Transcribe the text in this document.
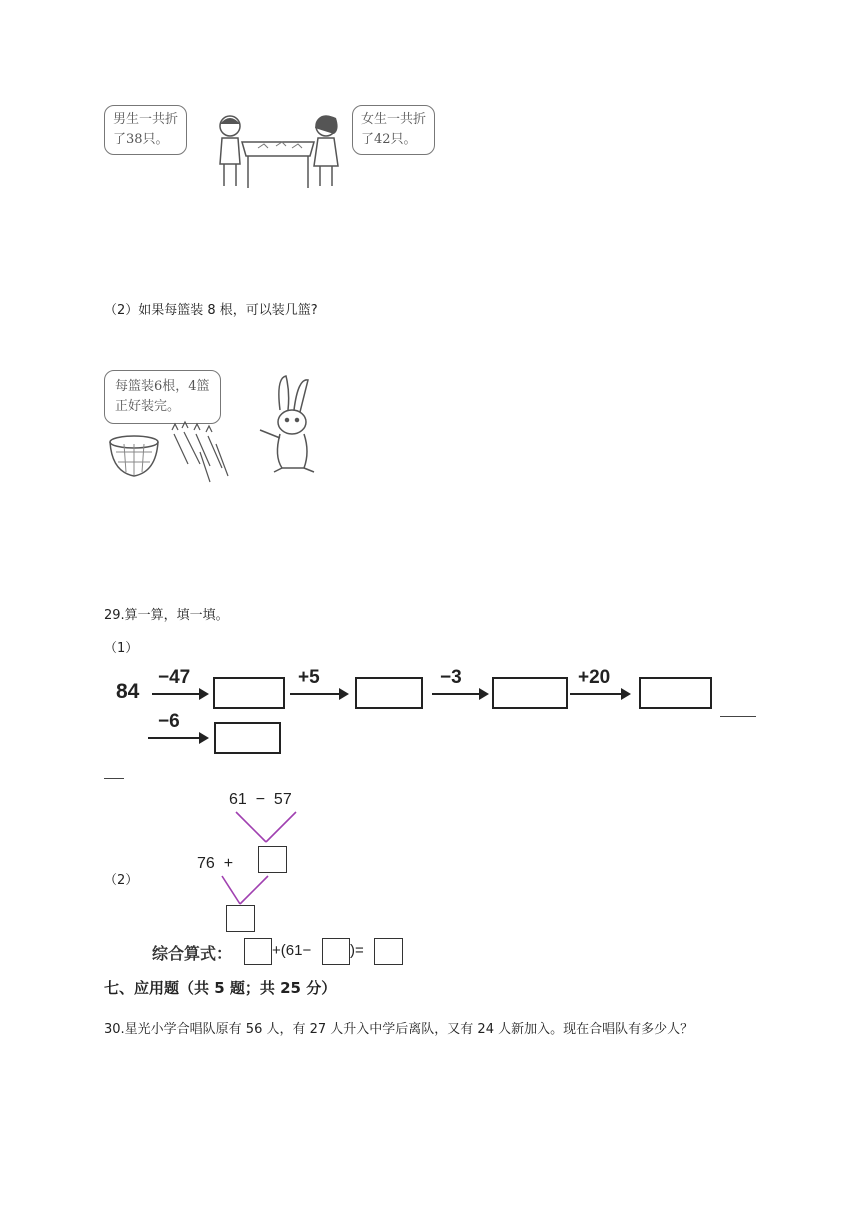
男生一共折
了38只。
女生一共折
了42只。
（2）如果每篮装 8 根，可以装几篮?
每篮装6根，4篮
正好装完。
29.算一算，填一填。
（1）
84
−47	+5	−3	+20
−6
（2）
61  −  57
76  +
综合算式：	+(61−	)=
七、应用题（共 5 题；共 25 分）
30.星光小学合唱队原有 56 人，有 27 人升入中学后离队，又有 24 人新加入。现在合唱队有多少人？
